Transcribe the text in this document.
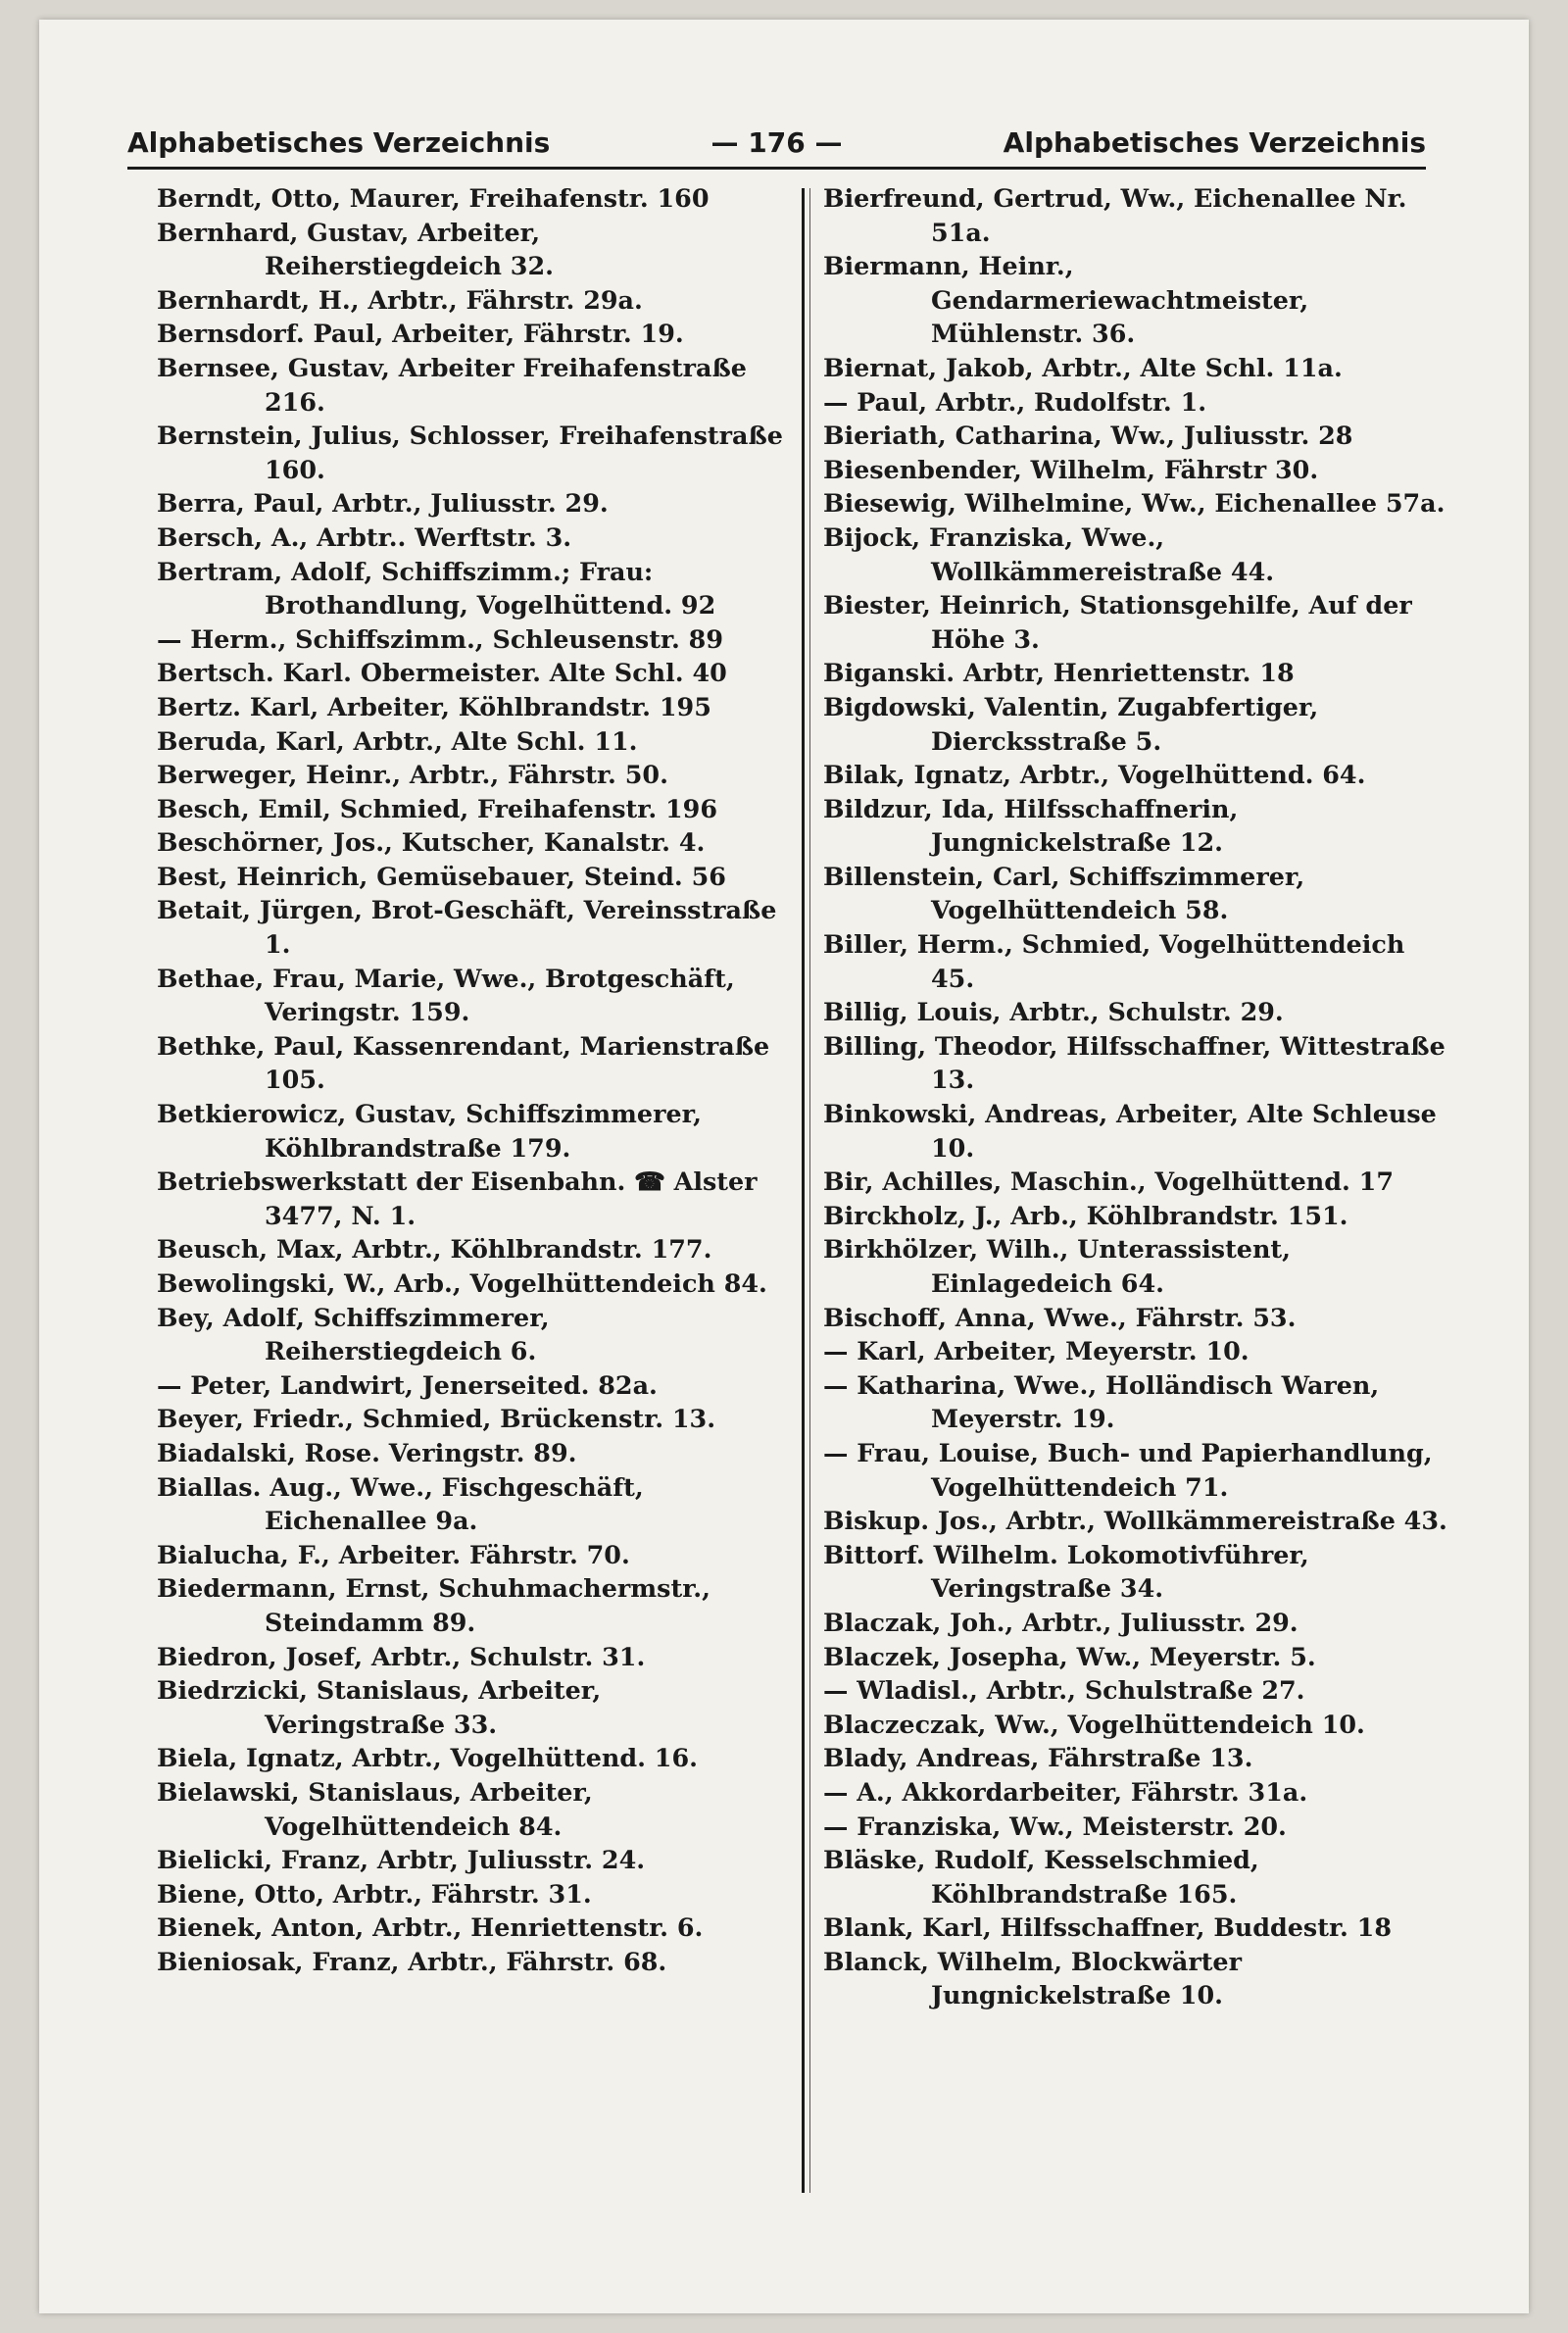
Alphabetisches Verzeichnis	— 176 —	Alphabetisches Verzeichnis
Berndt, Otto, Maurer, Freihafenstr. 160
Bernhard, Gustav, Arbeiter, Reiherstiegdeich 32.
Bernhardt, H., Arbtr., Fährstr. 29a.
Bernsdorf. Paul, Arbeiter, Fährstr. 19.
Bernsee, Gustav, Arbeiter Freihafenstraße 216.
Bernstein, Julius, Schlosser, Freihafenstraße 160.
Berra, Paul, Arbtr., Juliusstr. 29.
Bersch, A., Arbtr.. Werftstr. 3.
Bertram, Adolf, Schiffszimm.; Frau: Brothandlung, Vogelhüttend. 92
— Herm., Schiffszimm., Schleusenstr. 89
Bertsch. Karl. Obermeister. Alte Schl. 40
Bertz. Karl, Arbeiter, Köhlbrandstr. 195
Beruda, Karl, Arbtr., Alte Schl. 11.
Berweger, Heinr., Arbtr., Fährstr. 50.
Besch, Emil, Schmied, Freihafenstr. 196
Beschörner, Jos., Kutscher, Kanalstr. 4.
Best, Heinrich, Gemüsebauer, Steind. 56
Betait, Jürgen, Brot-Geschäft, Vereinsstraße 1.
Bethae, Frau, Marie, Wwe., Brotgeschäft, Veringstr. 159.
Bethke, Paul, Kassenrendant, Marienstraße 105.
Betkierowicz, Gustav, Schiffszimmerer, Köhlbrandstraße 179.
Betriebswerkstatt der Eisenbahn. ☎ Alster 3477, N. 1.
Beusch, Max, Arbtr., Köhlbrandstr. 177.
Bewolingski, W., Arb., Vogelhüttendeich 84.
Bey, Adolf, Schiffszimmerer, Reiherstiegdeich 6.
— Peter, Landwirt, Jenerseited. 82a.
Beyer, Friedr., Schmied, Brückenstr. 13.
Biadalski, Rose. Veringstr. 89.
Biallas. Aug., Wwe., Fischgeschäft, Eichenallee 9a.
Bialucha, F., Arbeiter. Fährstr. 70.
Biedermann, Ernst, Schuhmachermstr., Steindamm 89.
Biedron, Josef, Arbtr., Schulstr. 31.
Biedrzicki, Stanislaus, Arbeiter, Veringstraße 33.
Biela, Ignatz, Arbtr., Vogelhüttend. 16.
Bielawski, Stanislaus, Arbeiter, Vogelhüttendeich 84.
Bielicki, Franz, Arbtr, Juliusstr. 24.
Biene, Otto, Arbtr., Fährstr. 31.
Bienek, Anton, Arbtr., Henriettenstr. 6.
Bieniosak, Franz, Arbtr., Fährstr. 68.
Bierfreund, Gertrud, Ww., Eichenallee Nr. 51a.
Biermann, Heinr., Gendarmeriewachtmeister, Mühlenstr. 36.
Biernat, Jakob, Arbtr., Alte Schl. 11a.
— Paul, Arbtr., Rudolfstr. 1.
Bieriath, Catharina, Ww., Juliusstr. 28
Biesenbender, Wilhelm, Fährstr 30.
Biesewig, Wilhelmine, Ww., Eichenallee 57a.
Bijock, Franziska, Wwe., Wollkämmereistraße 44.
Biester, Heinrich, Stationsgehilfe, Auf der Höhe 3.
Biganski. Arbtr, Henriettenstr. 18
Bigdowski, Valentin, Zugabfertiger, Diercksstraße 5.
Bilak, Ignatz, Arbtr., Vogelhüttend. 64.
Bildzur, Ida, Hilfsschaffnerin, Jungnickelstraße 12.
Billenstein, Carl, Schiffszimmerer, Vogelhüttendeich 58.
Biller, Herm., Schmied, Vogelhüttendeich 45.
Billig, Louis, Arbtr., Schulstr. 29.
Billing, Theodor, Hilfsschaffner, Wittestraße 13.
Binkowski, Andreas, Arbeiter, Alte Schleuse 10.
Bir, Achilles, Maschin., Vogelhüttend. 17
Birckholz, J., Arb., Köhlbrandstr. 151.
Birkhölzer, Wilh., Unterassistent, Einlagedeich 64.
Bischoff, Anna, Wwe., Fährstr. 53.
— Karl, Arbeiter, Meyerstr. 10.
— Katharina, Wwe., Holländisch Waren, Meyerstr. 19.
— Frau, Louise, Buch- und Papierhandlung, Vogelhüttendeich 71.
Biskup. Jos., Arbtr., Wollkämmereistraße 43.
Bittorf. Wilhelm. Lokomotivführer, Veringstraße 34.
Blaczak, Joh., Arbtr., Juliusstr. 29.
Blaczek, Josepha, Ww., Meyerstr. 5.
— Wladisl., Arbtr., Schulstraße 27.
Blaczeczak, Ww., Vogelhüttendeich 10.
Blady, Andreas, Fährstraße 13.
— A., Akkordarbeiter, Fährstr. 31a.
— Franziska, Ww., Meisterstr. 20.
Bläske, Rudolf, Kesselschmied, Köhlbrandstraße 165.
Blank, Karl, Hilfsschaffner, Buddestr. 18
Blanck, Wilhelm, Blockwärter Jungnickelstraße 10.
